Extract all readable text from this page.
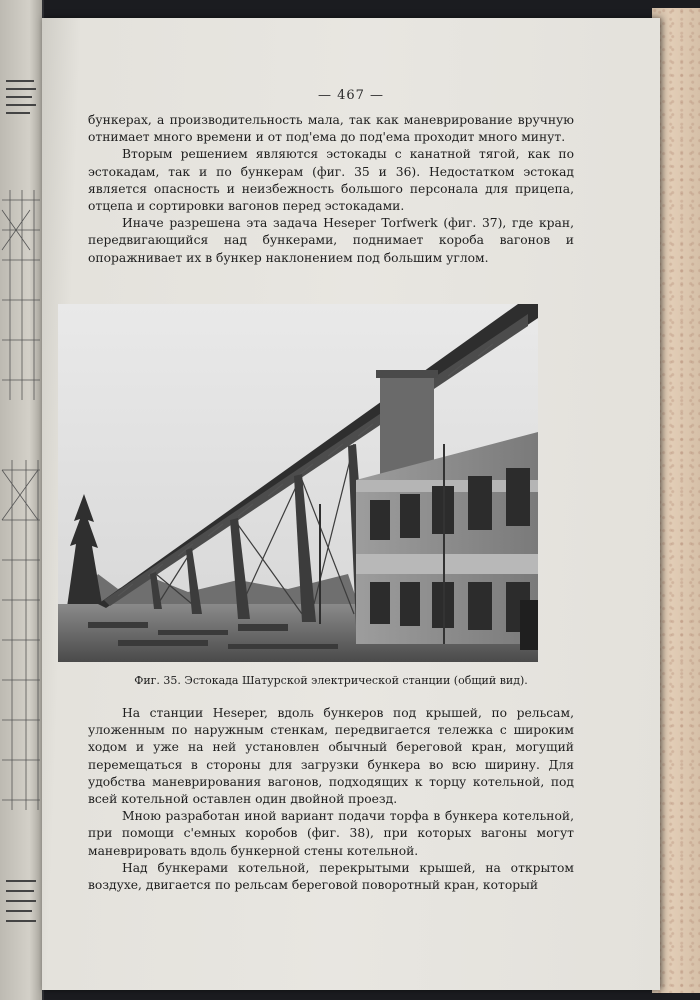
— 467 —

бункерах, а производительность мала, так как маневрирование вручную отнимает много времени и от под'ема до под'ема проходит много минут.

Вторым решением являются эстокады с канатной тягой, как по эстокадам, так и по бункерам (фиг. 35 и 36). Недостатком эстокад является опасность и неизбежность большого персонала для прицепа, отцепа и сортировки вагонов перед эстокадами.

Иначе разрешена эта задача Heseper Torfwerk (фиг. 37), где кран, передвигающийся над бункерами, поднимает короба вагонов и опоражнивает их в бункер наклонением под большим углом.

Фиг. 35. Эстокада Шатурской электрической станции (общий вид).

На станции Heseper, вдоль бункеров под крышей, по рельсам, уложенным по наружным стенкам, передвигается тележка с широким ходом и уже на ней установлен обычный береговой кран, могущий перемещаться в стороны для загрузки бункера во всю ширину. Для удобства маневрирования вагонов, подходящих к торцу котельной, под всей котельной оставлен один двойной проезд.

Мною разработан иной вариант подачи торфа в бункера котельной, при помощи с'емных коробов (фиг. 38), при которых вагоны могут маневрировать вдоль бункерной стены котельной.

Над бункерами котельной, перекрытыми крышей, на открытом воздухе, двигается по рельсам береговой поворотный кран, который
